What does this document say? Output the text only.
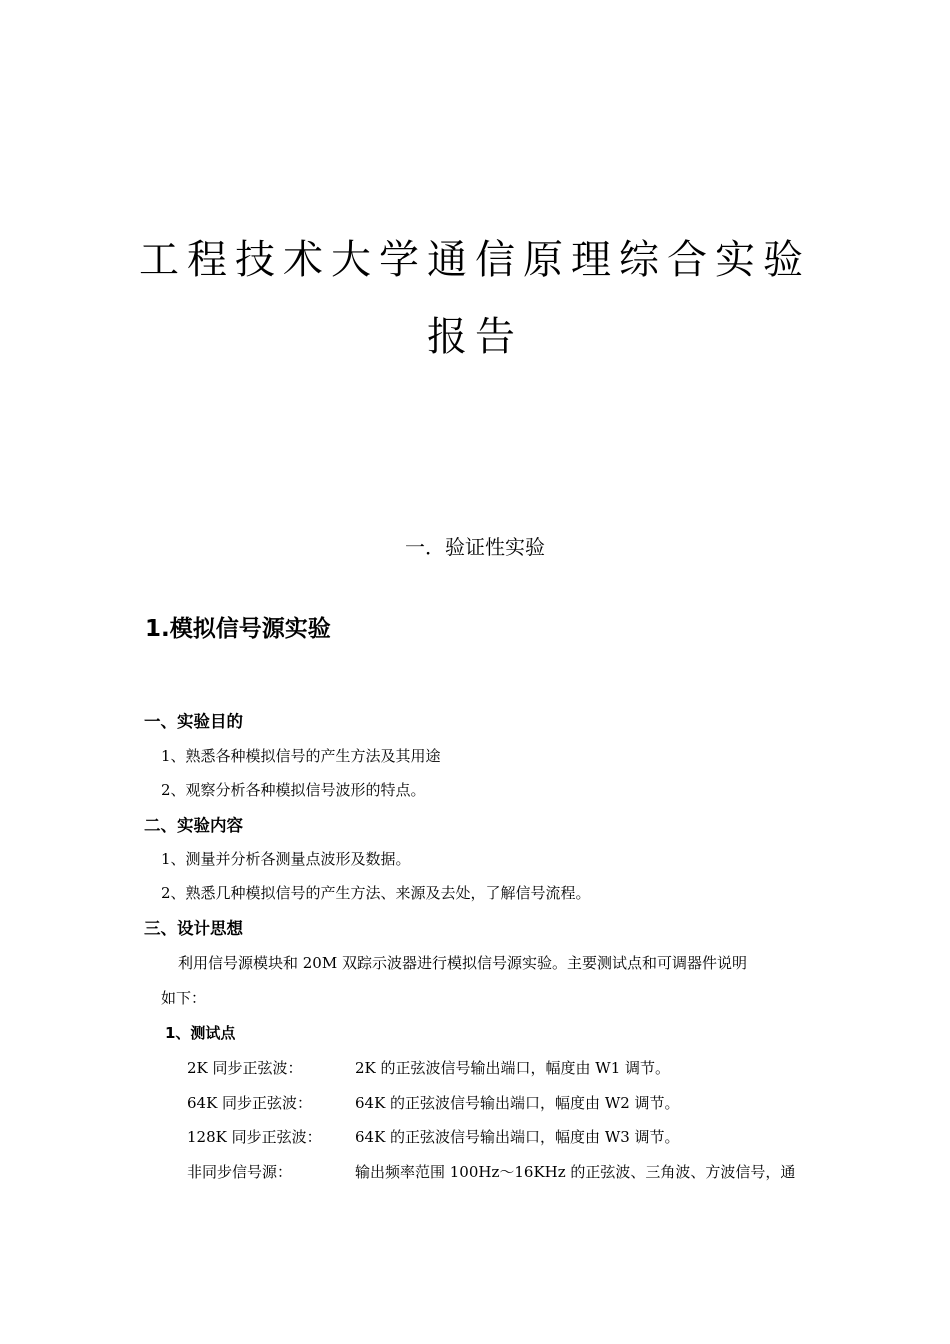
工程技术大学通信原理综合实验
报告
一．验证性实验
1.模拟信号源实验
一、实验目的
1、熟悉各种模拟信号的产生方法及其用途
2、观察分析各种模拟信号波形的特点。
二、实验内容
1、测量并分析各测量点波形及数据。
2、熟悉几种模拟信号的产生方法、来源及去处，了解信号流程。
三、设计思想
利用信号源模块和 20M 双踪示波器进行模拟信号源实验。主要测试点和可调器件说明
如下：
1、测试点
2K 同步正弦波：	2K 的正弦波信号输出端口，幅度由 W1 调节。
64K 同步正弦波：	64K 的正弦波信号输出端口，幅度由 W2 调节。
128K 同步正弦波： 64K 的正弦波信号输出端口，幅度由 W3 调节。
非同步信号源：	输出频率范围 100Hz～16KHz 的正弦波、三角波、方波信号，通
